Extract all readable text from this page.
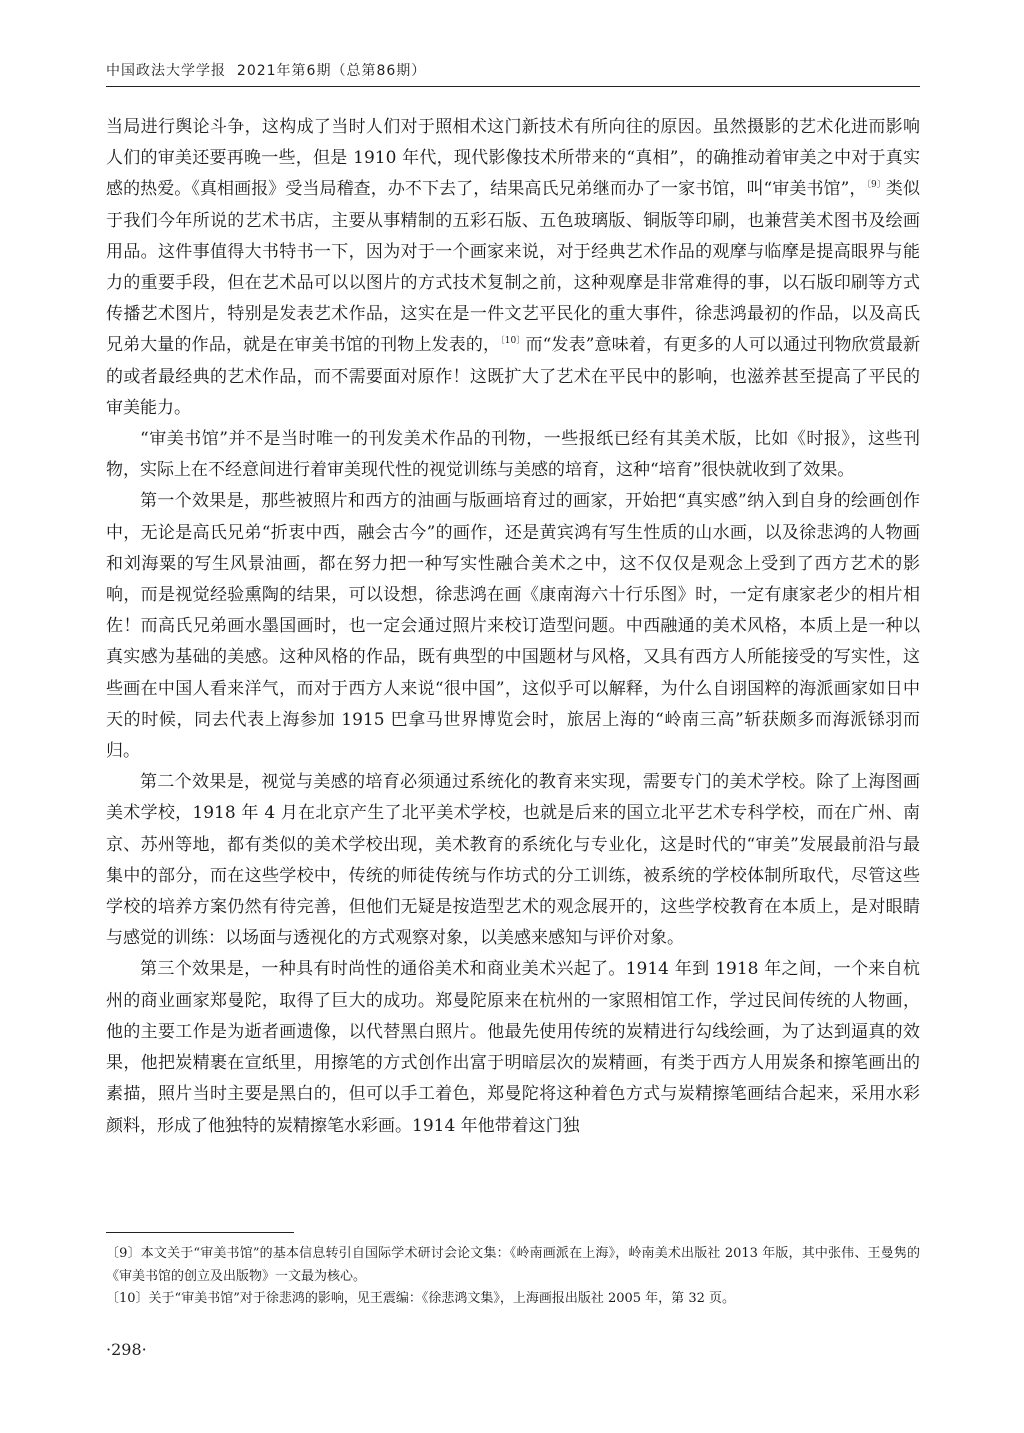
中国政法大学学报 2021年第6期（总第86期）

当局进行舆论斗争，这构成了当时人们对于照相术这门新技术有所向往的原因。虽然摄影的艺术化进而影响人们的审美还要再晚一些，但是 1910 年代，现代影像技术所带来的“真相”，的确推动着审美之中对于真实感的热爱。《真相画报》受当局稽查，办不下去了，结果高氏兄弟继而办了一家书馆，叫“审美书馆”，$^{〔9〕}$类似于我们今年所说的艺术书店，主要从事精制的五彩石版、五色玻璃版、铜版等印刷，也兼营美术图书及绘画用品。这件事值得大书特书一下，因为对于一个画家来说，对于经典艺术作品的观摩与临摩是提高眼界与能力的重要手段，但在艺术品可以以图片的方式技术复制之前，这种观摩是非常难得的事，以石版印刷等方式传播艺术图片，特别是发表艺术作品，这实在是一件文艺平民化的重大事件，徐悲鸿最初的作品，以及高氏兄弟大量的作品，就是在审美书馆的刊物上发表的，$^{〔10〕}$而“发表”意味着，有更多的人可以通过刊物欣赏最新的或者最经典的艺术作品，而不需要面对原作！这既扩大了艺术在平民中的影响，也滋养甚至提高了平民的审美能力。

“审美书馆”并不是当时唯一的刊发美术作品的刊物，一些报纸已经有其美术版，比如《时报》，这些刊物，实际上在不经意间进行着审美现代性的视觉训练与美感的培育，这种“培育”很快就收到了效果。

第一个效果是，那些被照片和西方的油画与版画培育过的画家，开始把“真实感”纳入到自身的绘画创作中，无论是高氏兄弟“折衷中西，融会古今”的画作，还是黄宾鸿有写生性质的山水画，以及徐悲鸿的人物画和刘海粟的写生风景油画，都在努力把一种写实性融合美术之中，这不仅仅是观念上受到了西方艺术的影响，而是视觉经验熏陶的结果，可以设想，徐悲鸿在画《康南海六十行乐图》时，一定有康家老少的相片相佐！而高氏兄弟画水墨国画时，也一定会通过照片来校订造型问题。中西融通的美术风格，本质上是一种以真实感为基础的美感。这种风格的作品，既有典型的中国题材与风格，又具有西方人所能接受的写实性，这些画在中国人看来洋气，而对于西方人来说“很中国”，这似乎可以解释，为什么自诩国粹的海派画家如日中天的时候，同去代表上海参加 1915 巴拿马世界博览会时，旅居上海的“岭南三高”斩获颇多而海派铩羽而归。

第二个效果是，视觉与美感的培育必须通过系统化的教育来实现，需要专门的美术学校。除了上海图画美术学校，1918 年 4 月在北京产生了北平美术学校，也就是后来的国立北平艺术专科学校，而在广州、南京、苏州等地，都有类似的美术学校出现，美术教育的系统化与专业化，这是时代的“审美”发展最前沿与最集中的部分，而在这些学校中，传统的师徒传统与作坊式的分工训练，被系统的学校体制所取代，尽管这些学校的培养方案仍然有待完善，但他们无疑是按造型艺术的观念展开的，这些学校教育在本质上，是对眼睛与感觉的训练：以场面与透视化的方式观察对象，以美感来感知与评价对象。

第三个效果是，一种具有时尚性的通俗美术和商业美术兴起了。1914 年到 1918 年之间，一个来自杭州的商业画家郑曼陀，取得了巨大的成功。郑曼陀原来在杭州的一家照相馆工作，学过民间传统的人物画，他的主要工作是为逝者画遗像，以代替黑白照片。他最先使用传统的炭精进行勾线绘画，为了达到逼真的效果，他把炭精裹在宣纸里，用擦笔的方式创作出富于明暗层次的炭精画，有类于西方人用炭条和擦笔画出的素描，照片当时主要是黑白的，但可以手工着色，郑曼陀将这种着色方式与炭精擦笔画结合起来，采用水彩颜料，形成了他独特的炭精擦笔水彩画。1914 年他带着这门独

〔9〕本文关于“审美书馆”的基本信息转引自国际学术研讨会论文集：《岭南画派在上海》，岭南美术出版社 2013 年版，其中张伟、王曼隽的《审美书馆的创立及出版物》一文最为核心。

〔10〕关于“审美书馆”对于徐悲鸿的影响，见王震编：《徐悲鸿文集》，上海画报出版社 2005 年，第 32 页。

·298·
